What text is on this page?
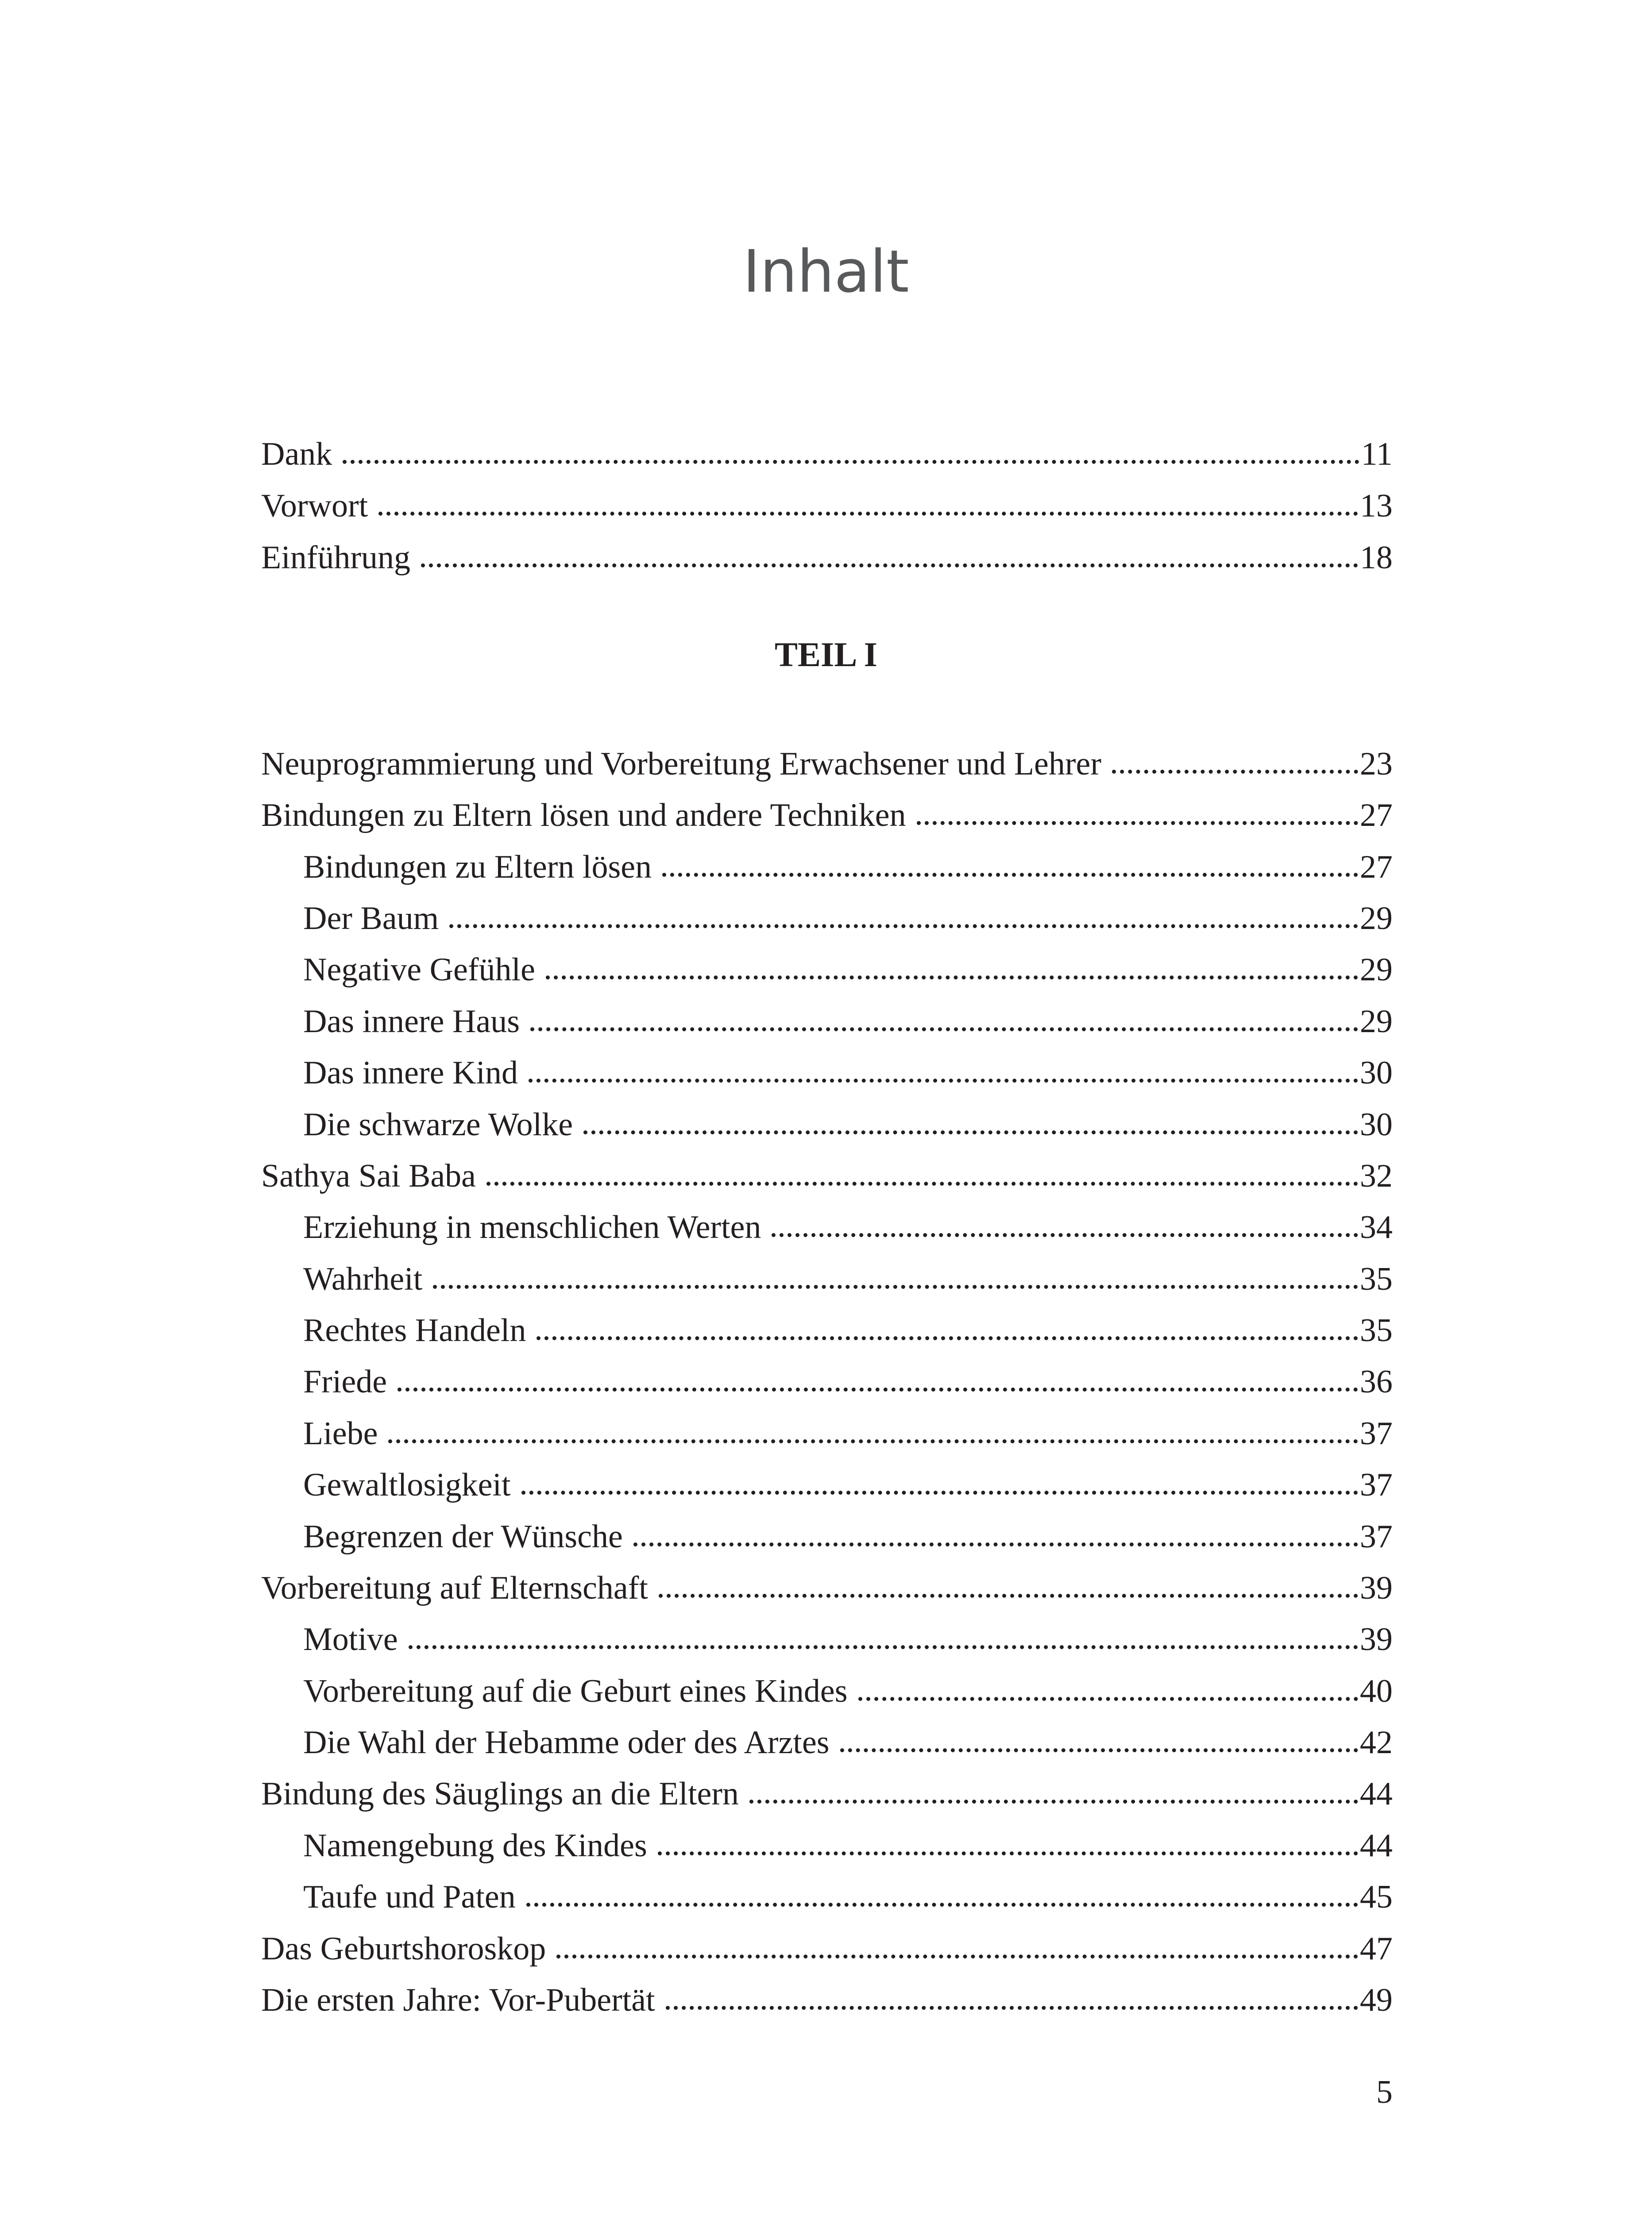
Inhalt
Dank	11
Vorwort	13
Einführung	18
TEIL I
Neuprogrammierung und Vorbereitung Erwachsener und Lehrer	23
Bindungen zu Eltern lösen und andere Techniken	27
Bindungen zu Eltern lösen	27
Der Baum	29
Negative Gefühle	29
Das innere Haus	29
Das innere Kind	30
Die schwarze Wolke	30
Sathya Sai Baba	32
Erziehung in menschlichen Werten	34
Wahrheit	35
Rechtes Handeln	35
Friede	36
Liebe	37
Gewaltlosigkeit	37
Begrenzen der Wünsche	37
Vorbereitung auf Elternschaft	39
Motive	39
Vorbereitung auf die Geburt eines Kindes	40
Die Wahl der Hebamme oder des Arztes	42
Bindung des Säuglings an die Eltern	44
Namengebung des Kindes	44
Taufe und Paten	45
Das Geburtshoroskop	47
Die ersten Jahre: Vor-Pubertät	49
5
